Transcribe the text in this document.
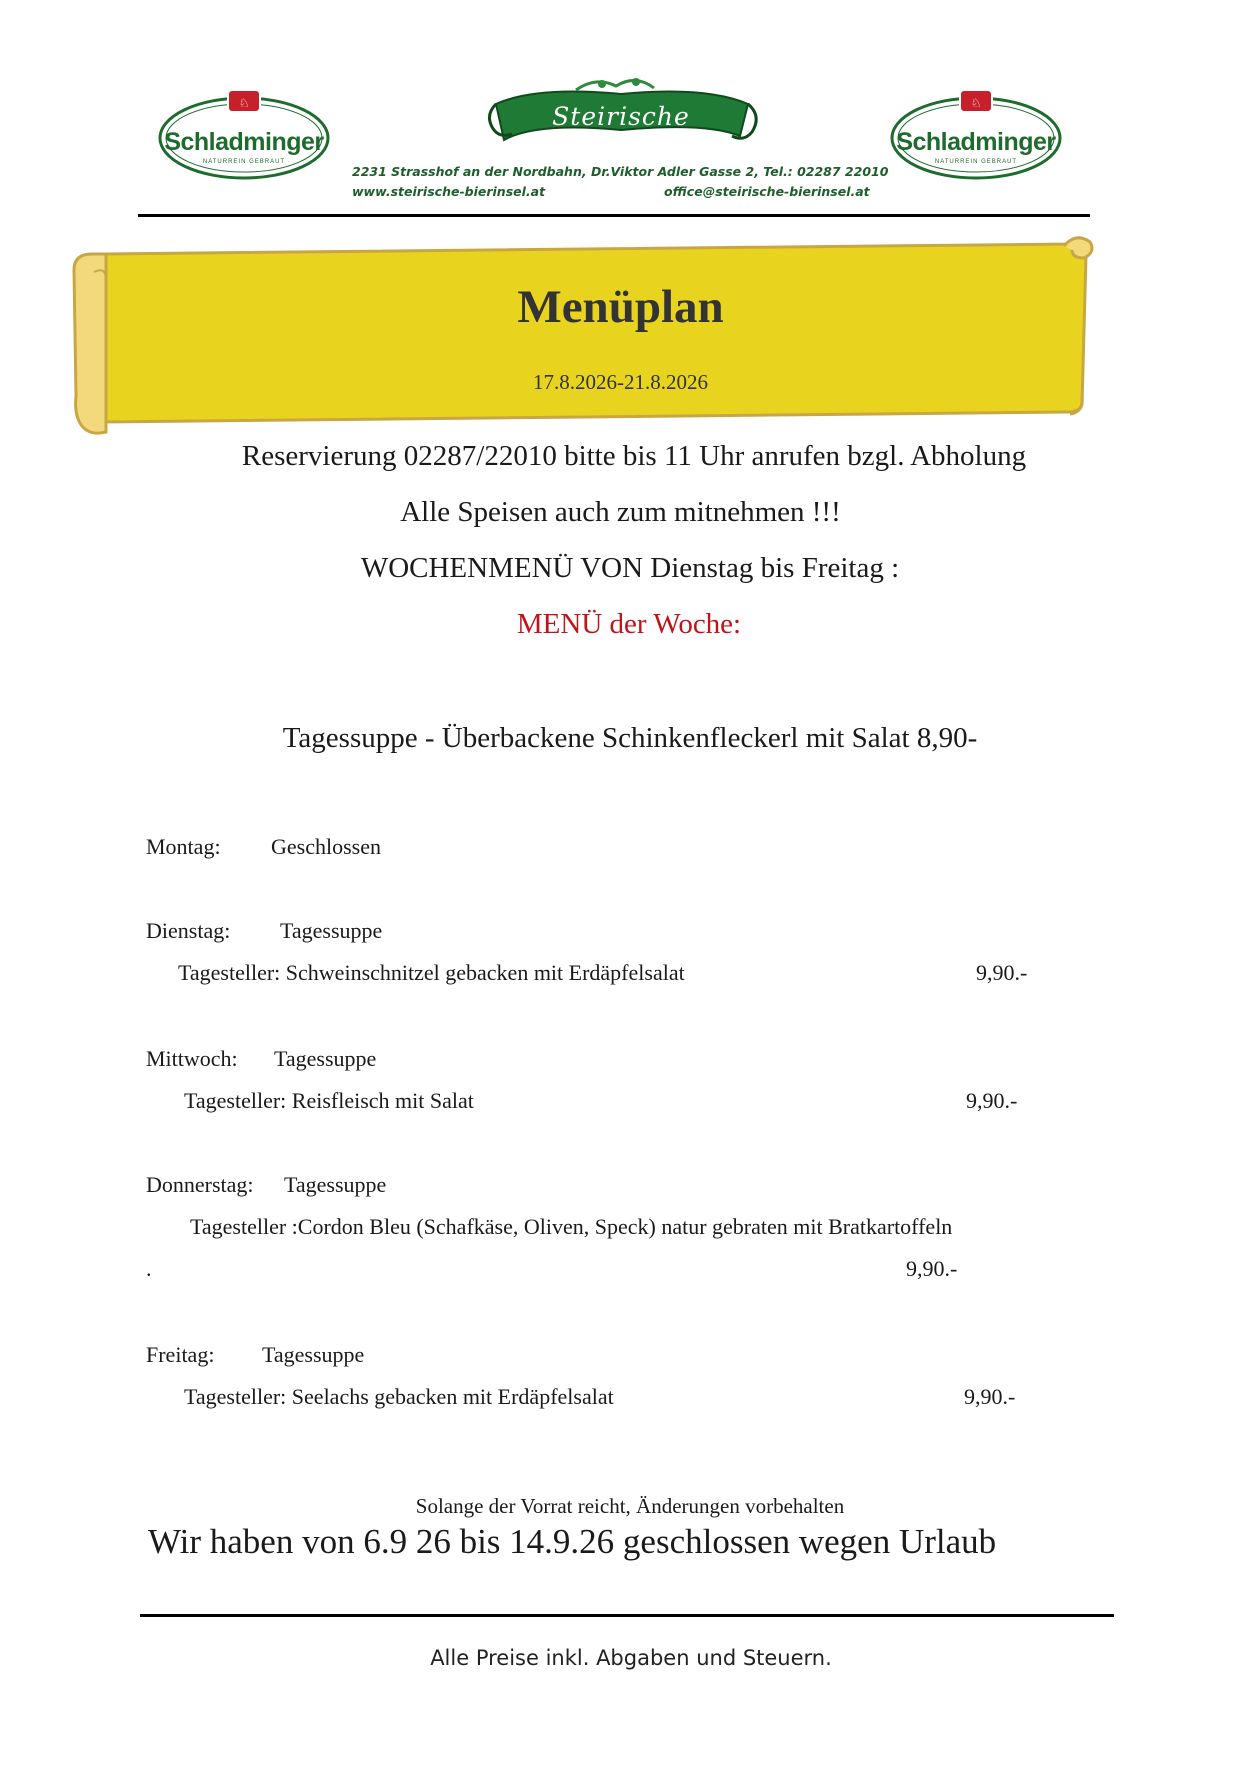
♘
Schladminger
NATURREIN GEBRAUT
Steirische Bierinsel
♘
Schladminger
NATURREIN GEBRAUT
2231 Strasshof an der Nordbahn, Dr.Viktor Adler Gasse 2, Tel.: 02287 22010
www.steirische-bierinsel.at	office@steirische-bierinsel.at
Menüplan
17.8.2026-21.8.2026
Reservierung 02287/22010 bitte bis 11 Uhr anrufen bzgl. Abholung
Alle Speisen auch zum mitnehmen !!!
WOCHENMENÜ VON Dienstag bis Freitag :
MENÜ der Woche:
Tagessuppe - Überbackene Schinkenfleckerl mit Salat 8,90-
Montag: Geschlossen
Dienstag: Tagessuppe
Tagesteller: Schweinschnitzel gebacken mit Erdäpfelsalat	9,90.-
Mittwoch: Tagessuppe
Tagesteller: Reisfleisch mit Salat	9,90.-
Donnerstag: Tagessuppe
Tagesteller :Cordon Bleu (Schafkäse, Oliven, Speck) natur gebraten mit Bratkartoffeln
.	9,90.-
Freitag: Tagessuppe
Tagesteller: Seelachs gebacken mit Erdäpfelsalat	9,90.-
Solange der Vorrat reicht, Änderungen vorbehalten
Wir haben von 6.9 26 bis 14.9.26 geschlossen wegen Urlaub
Alle Preise inkl. Abgaben und Steuern.
